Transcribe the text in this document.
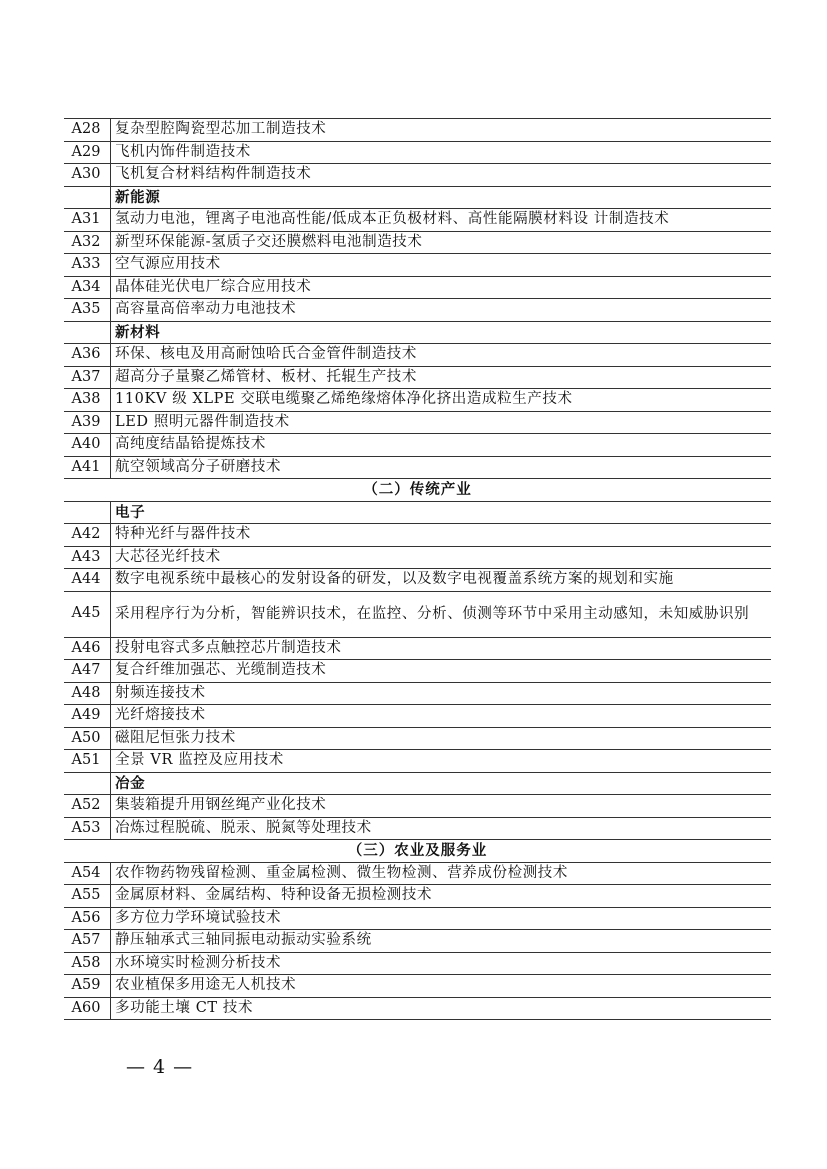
A28	复杂型腔陶瓷型芯加工制造技术
A29	飞机内饰件制造技术
A30	飞机复合材料结构件制造技术
	新能源
A31	氢动力电池，锂离子电池高性能/低成本正负极材料、高性能隔膜材料设 计制造技术
A32	新型环保能源-氢质子交还膜燃料电池制造技术
A33	空气源应用技术
A34	晶体硅光伏电厂综合应用技术
A35	高容量高倍率动力电池技术
	新材料
A36	环保、核电及用高耐蚀哈氏合金管件制造技术
A37	超高分子量聚乙烯管材、板材、托辊生产技术
A38	110KV 级 XLPE 交联电缆聚乙烯绝缘熔体净化挤出造成粒生产技术
A39	LED 照明元器件制造技术
A40	高纯度结晶铪提炼技术
A41	航空领域高分子研磨技术
（二）传统产业	
	电子
A42	特种光纤与器件技术
A43	大芯径光纤技术
A44	数字电视系统中最核心的发射设备的研发，以及数字电视覆盖系统方案的规划和实施
A45	采用程序行为分析，智能辨识技术，在监控、分析、侦测等环节中采用主动感知，未知威胁识别
A46	投射电容式多点触控芯片制造技术
A47	复合纤维加强芯、光缆制造技术
A48	射频连接技术
A49	光纤熔接技术
A50	磁阻尼恒张力技术
A51	全景 VR 监控及应用技术
	冶金
A52	集装箱提升用钢丝绳产业化技术
A53	冶炼过程脱硫、脱汞、脱氮等处理技术
（三）农业及服务业	
A54	农作物药物残留检测、重金属检测、微生物检测、营养成份检测技术
A55	金属原材料、金属结构、特种设备无损检测技术
A56	多方位力学环境试验技术
A57	静压轴承式三轴同振电动振动实验系统
A58	水环境实时检测分析技术
A59	农业植保多用途无人机技术
A60	多功能土壤 CT 技术
— 4 —
